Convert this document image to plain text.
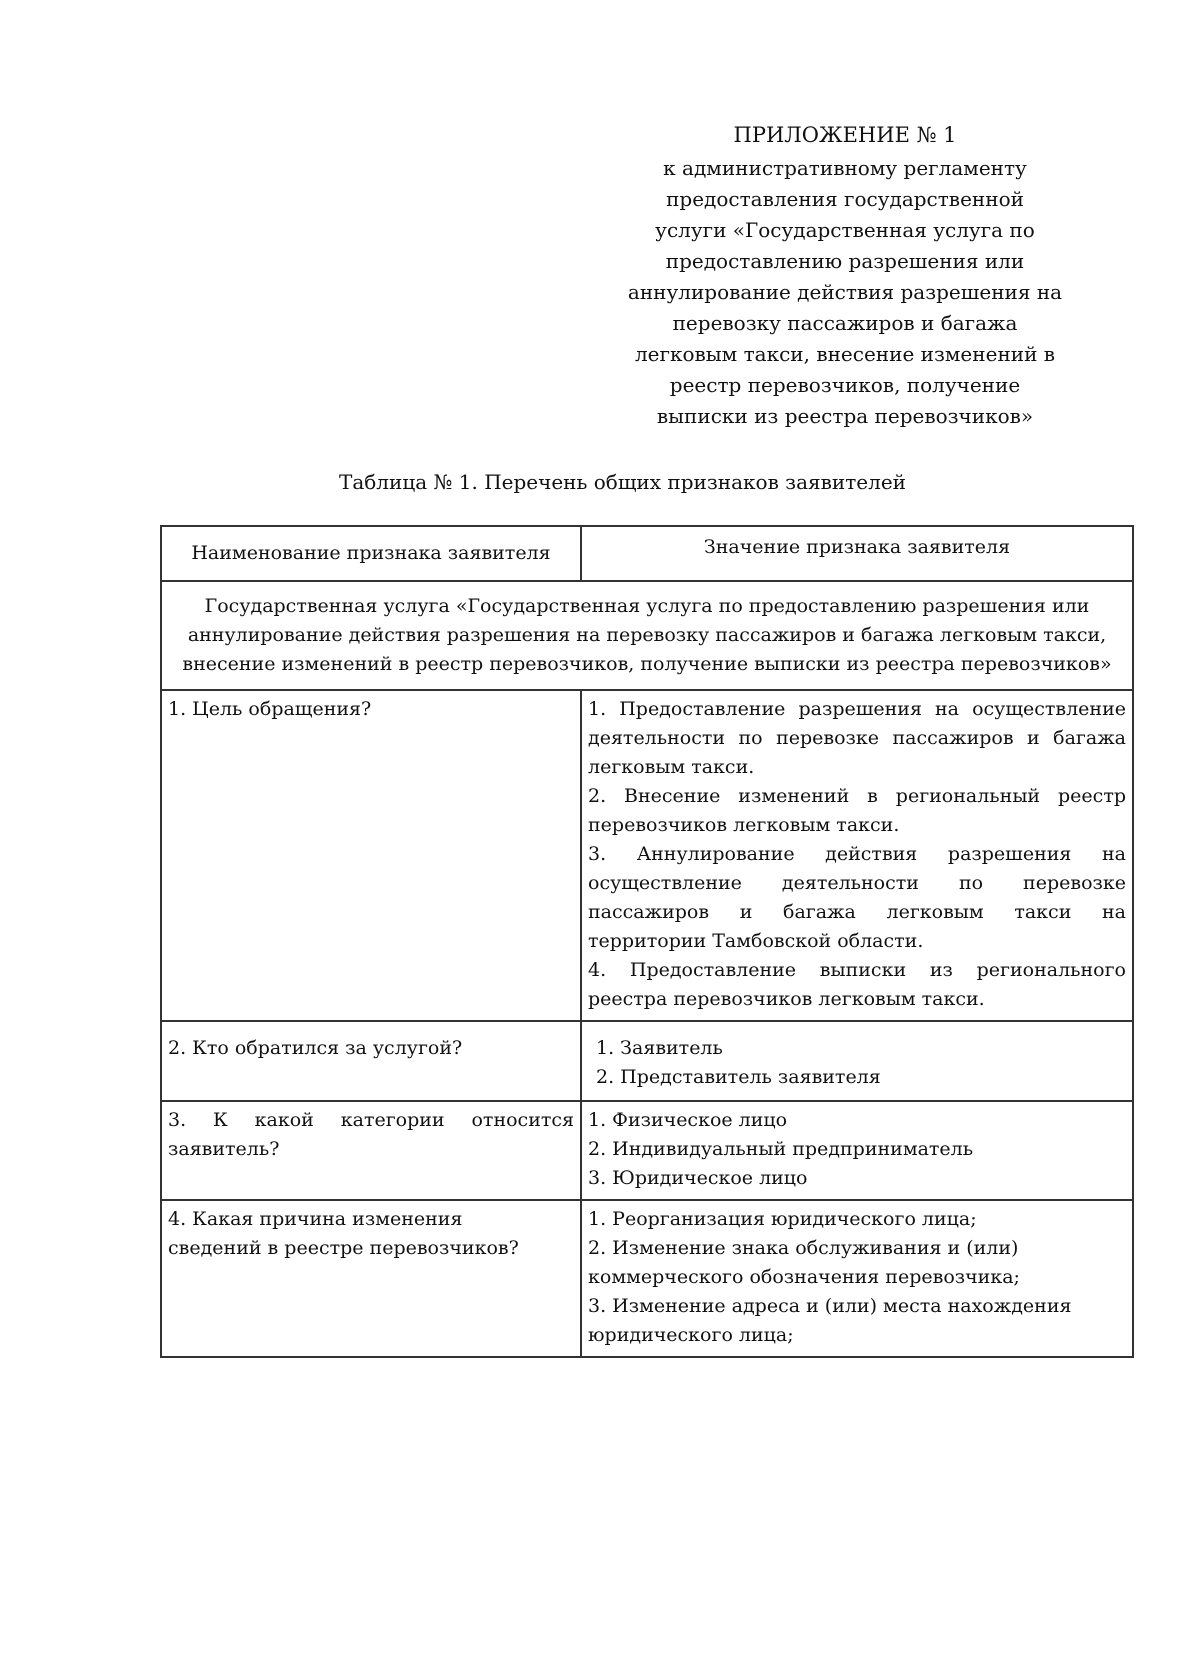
ПРИЛОЖЕНИЕ № 1
к административному регламенту
предоставления государственной
услуги «Государственная услуга по
предоставлению разрешения или
аннулирование действия разрешения на
перевозку пассажиров и багажа
легковым такси, внесение изменений в
реестр перевозчиков, получение
выписки из реестра перевозчиков»
Таблица № 1. Перечень общих признаков заявителей
Наименование признака заявителя	Значение признака заявителя
Государственная услуга «Государственная услуга по предоставлению разрешения или аннулирование действия разрешения на перевозку пассажиров и багажа легковым такси, внесение изменений в реестр перевозчиков, получение выписки из реестра перевозчиков»	
1. Цель обращения?	1. Предоставление разрешения на осуществление деятельности по перевозке пассажиров и багажа легковым такси.
2. Внесение изменений в региональный реестр перевозчиков легковым такси.
3. Аннулирование действия разрешения на осуществление деятельности по перевозке пассажиров и багажа легковым такси на территории Тамбовской области.
4. Предоставление выписки из регионального реестра перевозчиков легковым такси.

2. Кто обратился за услугой?	1. Заявитель
2. Представитель заявителя

3. К какой категории относится заявитель?	1. Физическое лицо
2. Индивидуальный предприниматель
3. Юридическое лицо

4. Какая причина изменения сведений в реестре перевозчиков?	1. Реорганизация юридического лица;
2. Изменение знака обслуживания и (или) коммерческого обозначения перевозчика;
3. Изменение адреса и (или) места нахождения юридического лица;
